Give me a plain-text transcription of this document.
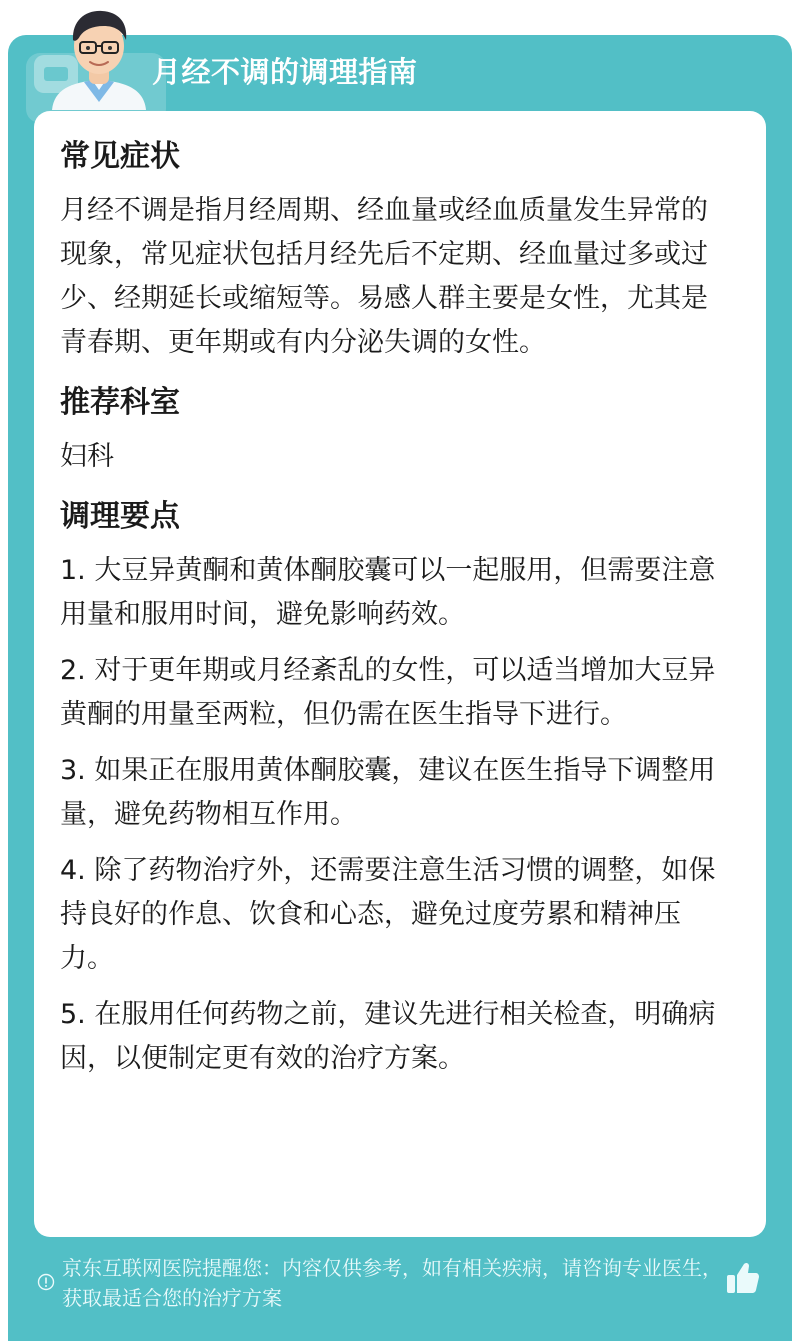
月经不调的调理指南
常见症状

月经不调是指月经周期、经血量或经血质量发生异常的现象，常见症状包括月经先后不定期、经血量过多或过少、经期延长或缩短等。易感人群主要是女性，尤其是青春期、更年期或有内分泌失调的女性。

推荐科室

妇科

调理要点

1. 大豆异黄酮和黄体酮胶囊可以一起服用，但需要注意用量和服用时间，避免影响药效。

2. 对于更年期或月经紊乱的女性，可以适当增加大豆异黄酮的用量至两粒，但仍需在医生指导下进行。

3. 如果正在服用黄体酮胶囊，建议在医生指导下调整用量，避免药物相互作用。

4. 除了药物治疗外，还需要注意生活习惯的调整，如保持良好的作息、饮食和心态，避免过度劳累和精神压力。

5. 在服用任何药物之前，建议先进行相关检查，明确病因，以便制定更有效的治疗方案。

京东互联网医院提醒您：内容仅供参考，如有相关疾病，请咨询专业医生，获取最适合您的治疗方案
